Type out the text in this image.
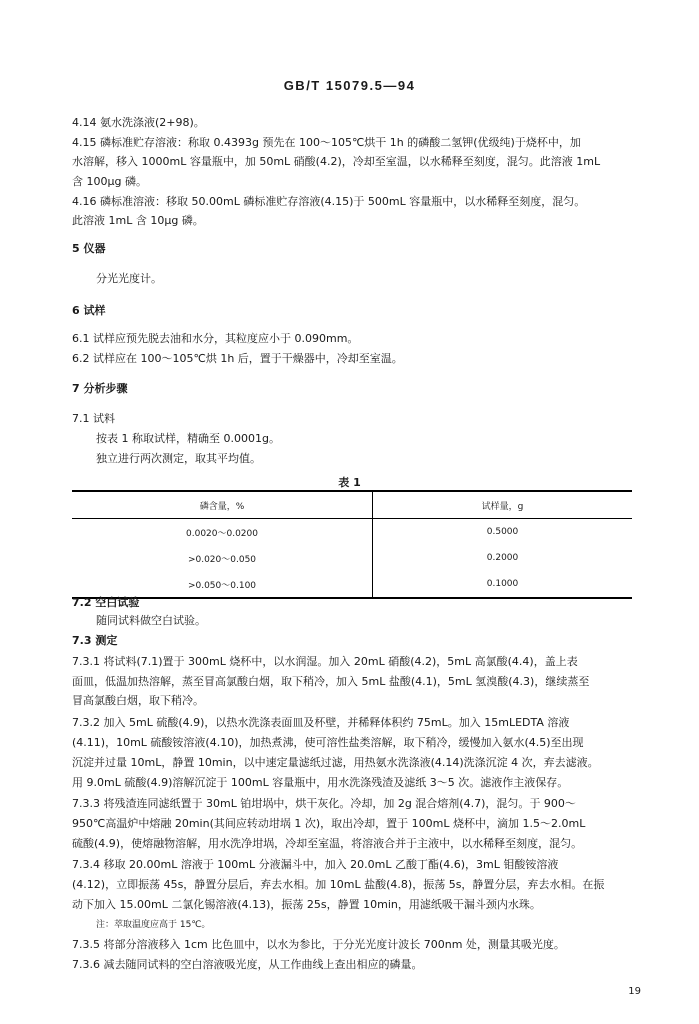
GB/T 15079.5—94
4.14 氨水洗涤液(2+98)。
4.15 磷标准贮存溶液：称取 0.4393g 预先在 100～105℃烘干 1h 的磷酸二氢钾(优级纯)于烧杯中，加
水溶解，移入 1000mL 容量瓶中，加 50mL 硝酸(4.2)，冷却至室温，以水稀释至刻度，混匀。此溶液 1mL
含 100μg 磷。
4.16 磷标准溶液：移取 50.00mL 磷标准贮存溶液(4.15)于 500mL 容量瓶中，以水稀释至刻度，混匀。
此溶液 1mL 含 10μg 磷。
5 仪器
分光光度计。
6 试样
6.1 试样应预先脱去油和水分，其粒度应小于 0.090mm。
6.2 试样应在 100～105℃烘 1h 后，置于干燥器中，冷却至室温。
7 分析步骤
7.1 试料
按表 1 称取试样，精确至 0.0001g。
独立进行两次测定，取其平均值。
表 1
磷含量，%	试样量，g
0.0020～0.0200	0.5000
>0.020～0.050	0.2000
>0.050～0.100	0.1000
7.2 空白试验
随同试料做空白试验。
7.3 测定
7.3.1 将试料(7.1)置于 300mL 烧杯中，以水润湿。加入 20mL 硝酸(4.2)，5mL 高氯酸(4.4)，盖上表
面皿，低温加热溶解，蒸至冒高氯酸白烟，取下稍冷，加入 5mL 盐酸(4.1)，5mL 氢溴酸(4.3)，继续蒸至
冒高氯酸白烟，取下稍冷。
7.3.2 加入 5mL 硫酸(4.9)，以热水洗涤表面皿及杯壁，并稀释体积约 75mL。加入 15mLEDTA 溶液
(4.11)，10mL 硫酸铵溶液(4.10)，加热煮沸，使可溶性盐类溶解，取下稍冷，缓慢加入氨水(4.5)至出现
沉淀并过量 10mL，静置 10min，以中速定量滤纸过滤，用热氨水洗涤液(4.14)洗涤沉淀 4 次，弃去滤液。
用 9.0mL 硫酸(4.9)溶解沉淀于 100mL 容量瓶中，用水洗涤残渣及滤纸 3～5 次。滤液作主液保存。
7.3.3 将残渣连同滤纸置于 30mL 铂坩埚中，烘干灰化。冷却，加 2g 混合熔剂(4.7)，混匀。于 900～
950℃高温炉中熔融 20min(其间应转动坩埚 1 次)，取出冷却，置于 100mL 烧杯中，滴加 1.5～2.0mL
硫酸(4.9)，使熔融物溶解，用水洗净坩埚，冷却至室温，将溶液合并于主液中，以水稀释至刻度，混匀。
7.3.4 移取 20.00mL 溶液于 100mL 分液漏斗中，加入 20.0mL 乙酸丁酯(4.6)，3mL 钼酸铵溶液
(4.12)，立即振荡 45s，静置分层后，弃去水相。加 10mL 盐酸(4.8)，振荡 5s，静置分层，弃去水相。在振
动下加入 15.00mL 二氯化锡溶液(4.13)，振荡 25s，静置 10min，用滤纸吸干漏斗颈内水珠。
注：萃取温度应高于 15℃。
7.3.5 将部分溶液移入 1cm 比色皿中，以水为参比，于分光光度计波长 700nm 处，测量其吸光度。
7.3.6 减去随同试料的空白溶液吸光度，从工作曲线上查出相应的磷量。
19
